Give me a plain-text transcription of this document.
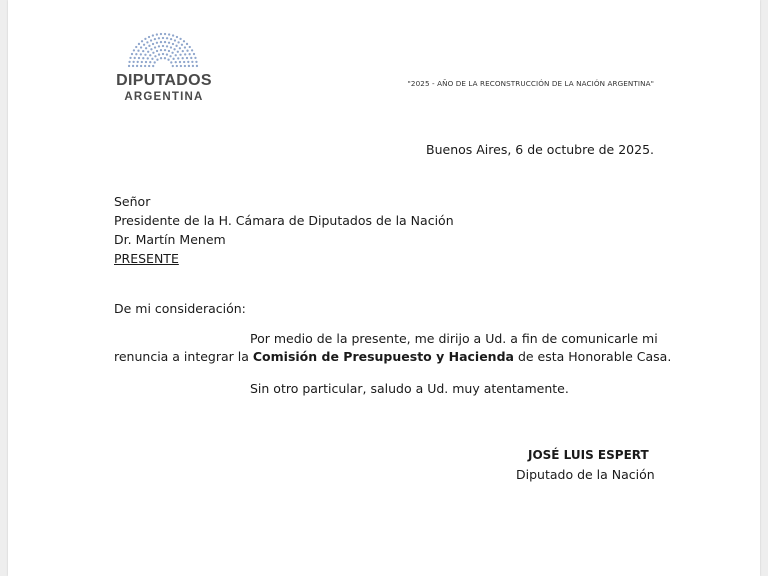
DIPUTADOS
ARGENTINA
"2025 - AÑO DE LA RECONSTRUCCIÓN DE LA NACIÓN ARGENTINA"
Buenos Aires, 6 de octubre de 2025.
Señor
Presidente de la H. Cámara de Diputados de la Nación
Dr. Martín Menem
PRESENTE
De mi consideración:
Por medio de la presente, me dirijo a Ud. a fin de comunicarle mi
renuncia a integrar la Comisión de Presupuesto y Hacienda de esta Honorable Casa.
Sin otro particular, saludo a Ud. muy atentamente.
JOSÉ LUIS ESPERT
Diputado de la Nación
